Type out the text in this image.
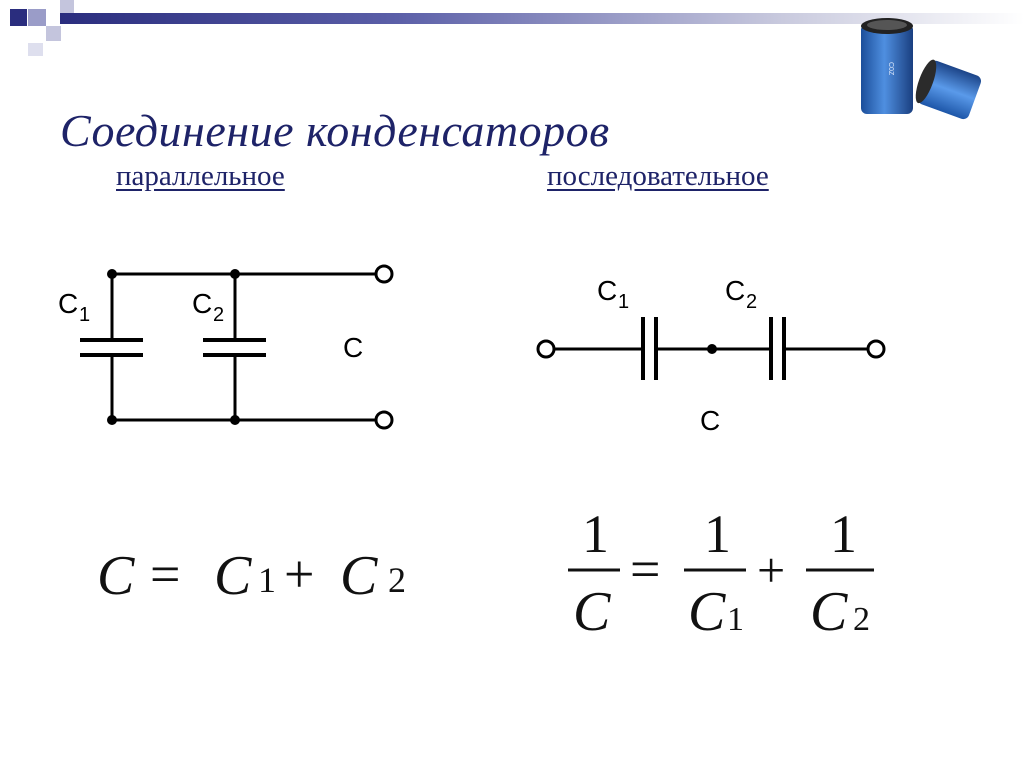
C0Z
Соединение конденсаторов
параллельное	последовательное
C 1	C 2
C
C 1	C 2
C
C = C 1 + C 2
1
C
=
1
C 1
+
1
C 2
